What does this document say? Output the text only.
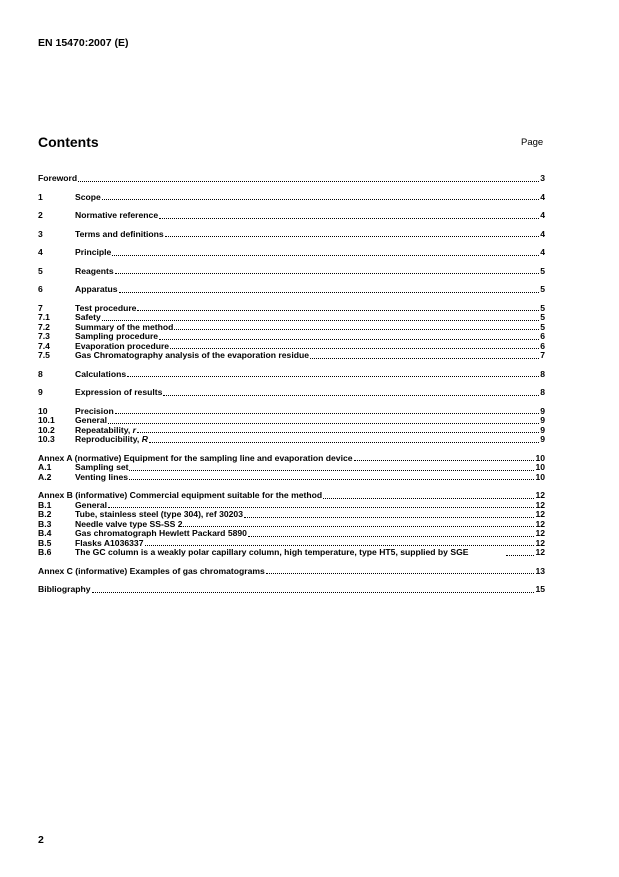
EN 15470:2007 (E)
Contents	Page
Foreword	3
1	Scope	4
2	Normative reference	4
3	Terms and definitions	4
4	Principle	4
5	Reagents	5
6	Apparatus	5
7	Test procedure	5
7.1	Safety	5
7.2	Summary of the method	5
7.3	Sampling procedure	6
7.4	Evaporation procedure	6
7.5	Gas Chromatography analysis of the evaporation residue	7
8	Calculations	8
9	Expression of results	8
10	Precision	9
10.1	General	9
10.2	Repeatability, r	9
10.3	Reproducibility, R	9
Annex A (normative) Equipment for the sampling line and evaporation device	10
A.1	Sampling set	10
A.2	Venting lines	10
Annex B (informative) Commercial equipment suitable for the method	12
B.1	General	12
B.2	Tube, stainless steel (type 304), ref 30203	12
B.3	Needle valve type SS-SS 2	12
B.4	Gas chromatograph Hewlett Packard 5890	12
B.5	Flasks A1036337	12
B.6	The GC column is a weakly polar capillary column, high temperature, type HT5, supplied by SGE	12
Annex C (informative) Examples of gas chromatograms	13
Bibliography	15
2
